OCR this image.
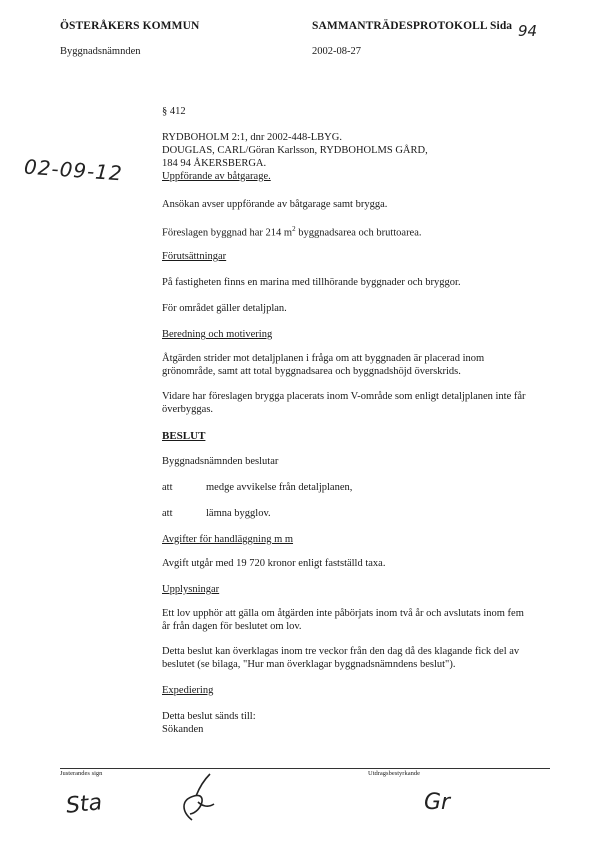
ÖSTERÅKERS KOMMUN	SAMMANTRÄDESPROTOKOLL Sida 94
Byggnadsnämnden	2002-08-27
02-09-12
§ 412
RYDBOHOLM 2:1, dnr 2002-448-LBYG.
DOUGLAS, CARL/Göran Karlsson, RYDBOHOLMS GÅRD,
184 94 ÅKERSBERGA.
Uppförande av båtgarage.
Ansökan avser uppförande av båtgarage samt brygga.
Föreslagen byggnad har 214 $m^2$ byggnadsarea och bruttoarea.
Förutsättningar
På fastigheten finns en marina med tillhörande byggnader och bryggor.
För området gäller detaljplan.
Beredning och motivering
Åtgärden strider mot detaljplanen i fråga om att byggnaden är placerad inom
grönområde, samt att total byggnadsarea och byggnadshöjd överskrids.
Vidare har föreslagen brygga placerats inom V-område som enligt detaljplanen inte får
överbyggas.
BESLUT
Byggnadsnämnden beslutar
att	medge avvikelse från detaljplanen,
att	lämna bygglov.
Avgifter för handläggning m m
Avgift utgår med 19 720 kronor enligt fastställd taxa.
Upplysningar
Ett lov upphör att gälla om åtgärden inte påbörjats inom två år och avslutats inom fem
år från dagen för beslutet om lov.
Detta beslut kan överklagas inom tre veckor från den dag då des klagande fick del av
beslutet (se bilaga, "Hur man överklagar byggnadsnämndens beslut").
Expediering
Detta beslut sänds till:
Sökanden
Justerandes sign	Utdragsbestyrkande
Sta	Gr
